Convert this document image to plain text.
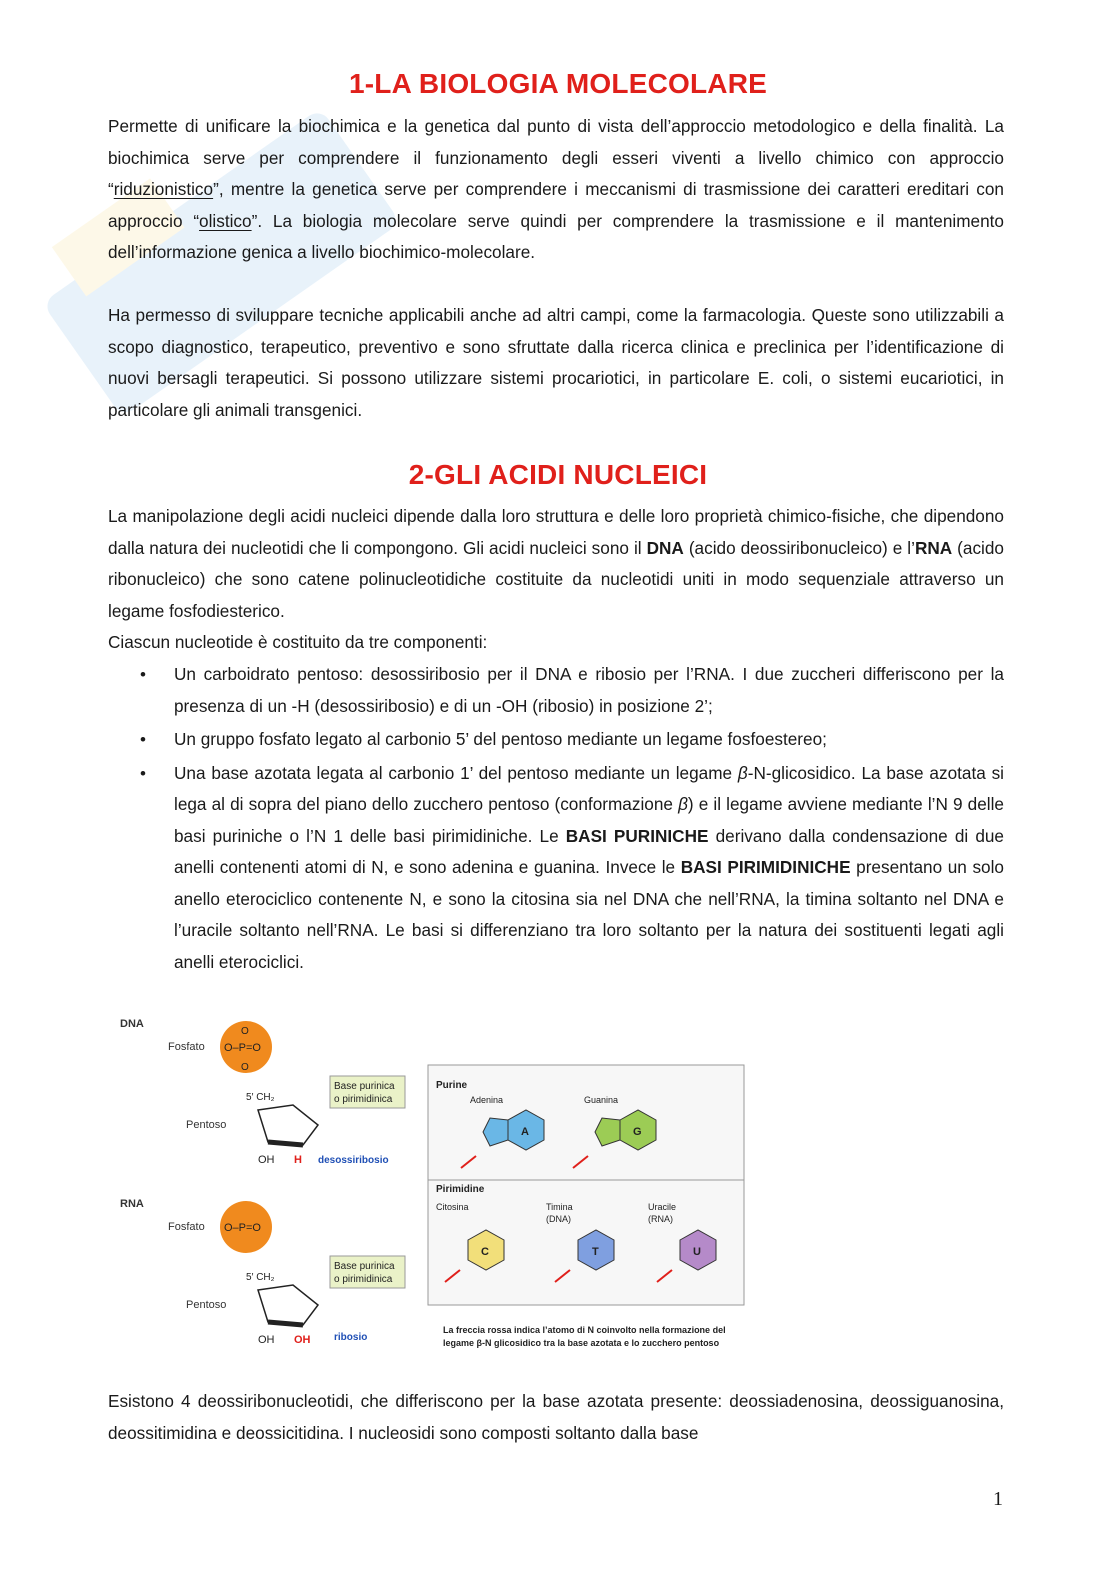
1-LA BIOLOGIA MOLECOLARE

Permette di unificare la biochimica e la genetica dal punto di vista dell’approccio metodologico e della finalità. La biochimica serve per comprendere il funzionamento degli esseri viventi a livello chimico con approccio “riduzionistico”, mentre la genetica serve per comprendere i meccanismi di trasmissione dei caratteri ereditari con approccio “olistico”. La biologia molecolare serve quindi per comprendere la trasmissione e il mantenimento dell’informazione genica a livello biochimico-molecolare.

Ha permesso di sviluppare tecniche applicabili anche ad altri campi, come la farmacologia. Queste sono utilizzabili a scopo diagnostico, terapeutico, preventivo e sono sfruttate dalla ricerca clinica e preclinica per l’identificazione di nuovi bersagli terapeutici. Si possono utilizzare sistemi procariotici, in particolare E. coli, o sistemi eucariotici, in particolare gli animali transgenici.

2-GLI ACIDI NUCLEICI

La manipolazione degli acidi nucleici dipende dalla loro struttura e delle loro proprietà chimico-fisiche, che dipendono dalla natura dei nucleotidi che li compongono. Gli acidi nucleici sono il DNA (acido deossiribonucleico) e l’RNA (acido ribonucleico) che sono catene polinucleotidiche costituite da nucleotidi uniti in modo sequenziale attraverso un legame fosfodiesterico.

Ciascun nucleotide è costituito da tre componenti:

• Un carboidrato pentoso: desossiribosio per il DNA e ribosio per l’RNA. I due zuccheri differiscono per la presenza di un -H (desossiribosio) e di un -OH (ribosio) in posizione 2’;
• Un gruppo fosfato legato al carbonio 5’ del pentoso mediante un legame fosfoestereo;
• Una base azotata legata al carbonio 1’ del pentoso mediante un legame β-N-glicosidico. La base azotata si lega al di sopra del piano dello zucchero pentoso (conformazione β) e il legame avviene mediante l’N 9 delle basi puriniche o l’N 1 delle basi pirimidiniche. Le BASI PURINICHE derivano dalla condensazione di due anelli contenenti atomi di N, e sono adenina e guanina. Invece le BASI PIRIMIDINICHE presentano un solo anello eterociclico contenente N, e sono la citosina sia nel DNA che nell’RNA, la timina soltanto nel DNA e l’uracile soltanto nell’RNA. Le basi si differenziano tra loro soltanto per la natura dei sostituenti legati agli anelli eterociclici.
DNA
Fosfato O–P=O
O
O
5′ CH₂
Pentoso
OH H desossiribosio
Base purinica
o pirimidinica
RNA
Fosfato O–P=O
5′ CH₂
Pentoso
OH OH ribosio
Base purinica
o pirimidinica
Purine
Adenina	Guanina
A	G
Pirimidine
Citosina	Timina
(DNA)
Uracile
(RNA)
C	T	U
La freccia rossa indica l’atomo di N coinvolto nella formazione del
legame β-N glicosidico tra la base azotata e lo zucchero pentoso

Esistono 4 deossiribonucleotidi, che differiscono per la base azotata presente: deossiadenosina, deossiguanosina, deossitimidina e deossicitidina. I nucleosidi sono composti soltanto dalla base

1
